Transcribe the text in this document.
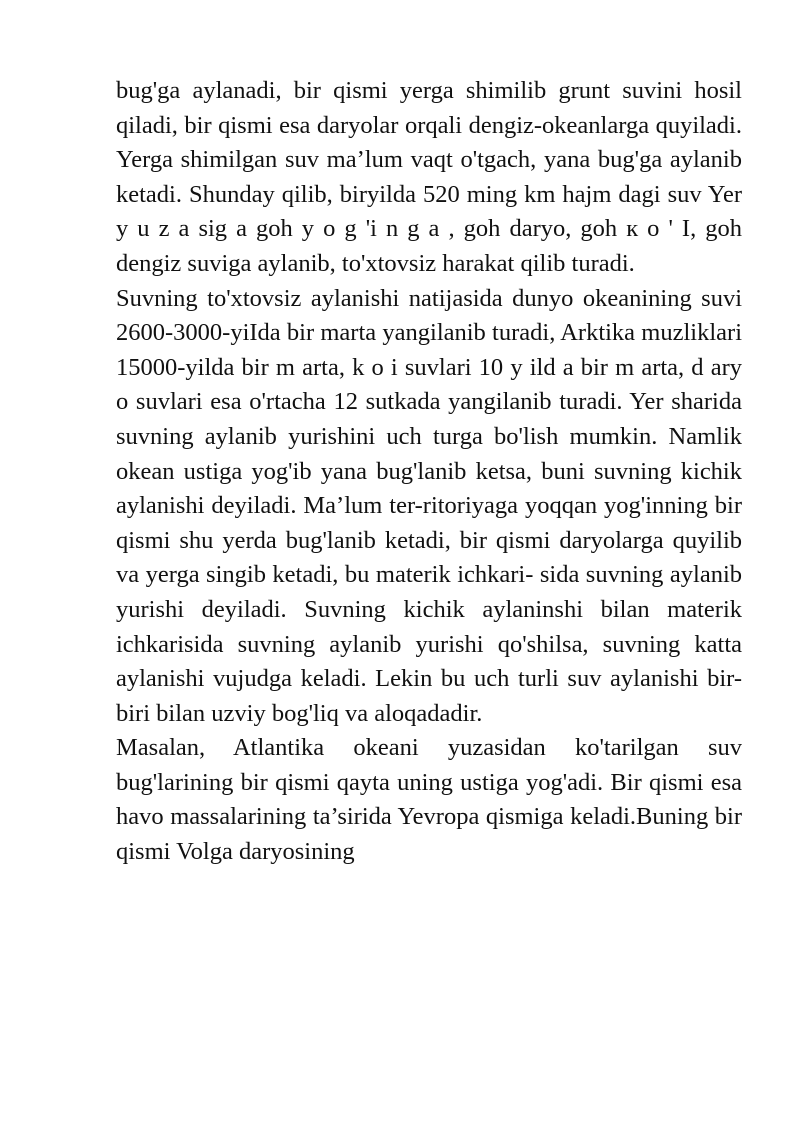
bug'ga aylanadi, bir qismi yerga shimilib grunt suvini hosil qiladi, bir qismi esa daryolar orqali dengiz-okeanlarga quyiladi. Yerga shimilgan suv ma’lum vaqt o'tgach, yana bug'ga aylanib ketadi. Shunday qilib, biryilda 520 ming km hajm dagi suv Yer y u z a sig a goh y o g 'i n g a , goh daryo, goh к o ' I, goh dengiz suviga aylanib, to'xtovsiz harakat qilib turadi.

Suvning to'xtovsiz aylanishi natijasida dunyo okeanining suvi 2600-3000-yiIda bir marta yangilanib turadi, Arktika muzliklari 15000-yilda bir m arta, k o i suvlari 10 y ild a bir m arta, d ary o suvlari esa o'rtacha 12 sutkada yangilanib turadi. Yer sharida suvning aylanib yurishini uch turga bo'lish mumkin. Namlik okean ustiga yog'ib yana bug'lanib ketsa, buni suvning kichik aylanishi deyiladi. Ma’lum ter-ritoriyaga yoqqan yog'inning bir qismi shu yerda bug'lanib ketadi, bir qismi daryolarga quyilib va yerga singib ketadi, bu materik ichkari- sida suvning aylanib yurishi deyiladi. Suvning kichik aylaninshi bilan materik ichkarisida suvning aylanib yurishi qo'shilsa, suvning katta aylanishi vujudga keladi. Lekin bu uch turli suv aylanishi bir-biri bilan uzviy bog'liq va aloqadadir.

Masalan, Atlantika okeani yuzasidan ko'tarilgan suv bug'larining bir qismi qayta uning ustiga yog'adi. Bir qismi esa havo massalarining ta’sirida Yevropa qismiga keladi.Buning bir qismi Volga daryosining
